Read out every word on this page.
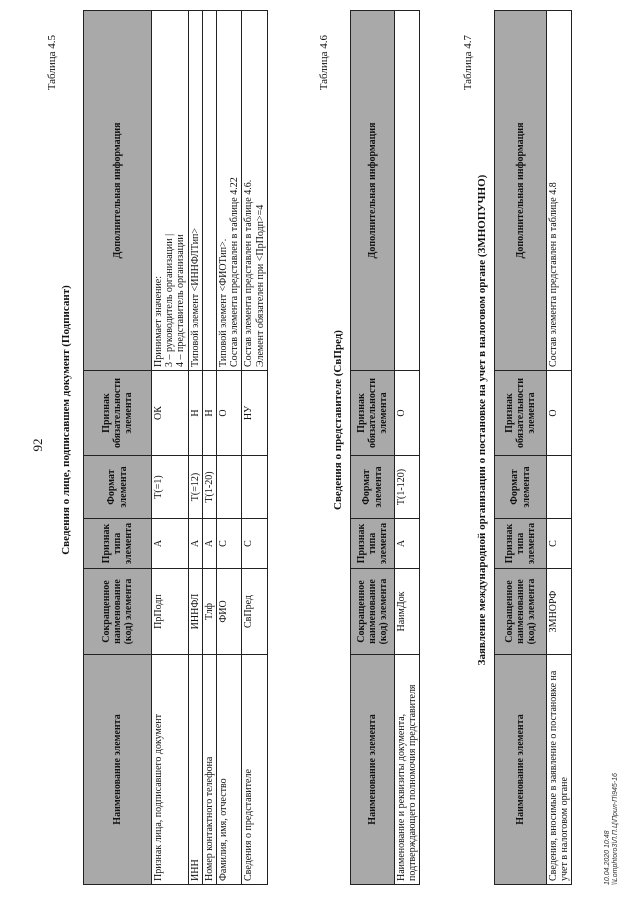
92
Таблица 4.5
Сведения о лице, подписавшем документ (Подписант)
Наименование элемента	Сокращенное наименование (код) элемента	Признак типа элемента	Формат элемента	Признак обязательности элемента	Дополнительная информация
Признак лица, подписавшего документ	ПрПодп	А	Т(=1)	ОК	Принимает значение:
3 – руководитель организации |
4 – представитель организации
ИНН	ИННФЛ	А	Т(=12)	Н	Типовой элемент <ИННФЛТип>
Номер контактного телефона	Тлф	А	Т(1-20)	Н	
Фамилия, имя, отчество	ФИО	С		О	Типовой элемент <ФИОТип>.
Состав элемента представлен в таблице 4.22
Сведения о представителе	СвПред	С		НУ	Состав элемента представлен в таблице 4.6.
Элемент обязателен при <ПрПодп>=4
Таблица 4.6
Сведения о представителе (СвПред)
Наименование элемента	Сокращенное наименование (код) элемента	Признак типа элемента	Формат элемента	Признак обязательности элемента	Дополнительная информация
Наименование и реквизиты документа, подтверждающего полномочия представителя	НаимДок	А	Т(1-120)	О	
Таблица 4.7
Заявление международной организации о постановке на учет в налоговом органе (ЗМНОПУЧНО)
Наименование элемента	Сокращенное наименование (код) элемента	Признак типа элемента	Формат элемента	Признак обязательности элемента	Дополнительная информация
Сведения, вносимые в заявление о постановке на учет в налоговом органе	ЗМНОРФ	С		О	Состав элемента представлен в таблице 4.8
10.04.2020 10:48 \\Lomphtoro3\Л.П.Ц\Прил-П\945-16
